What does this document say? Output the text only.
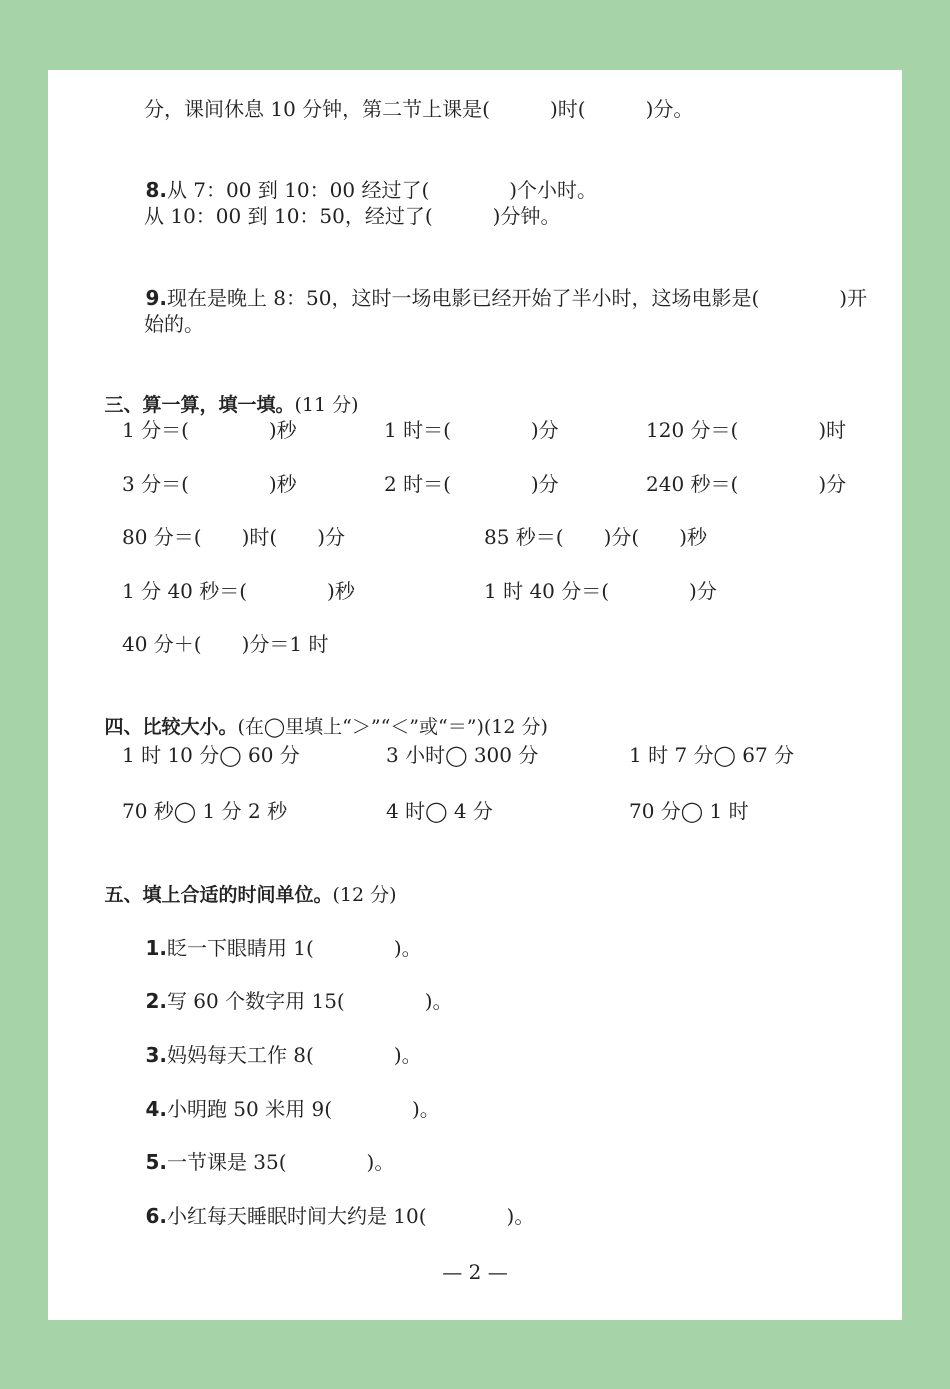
分，课间休息 10 分钟，第二节上课是(　　　)时(　　　)分。

8.从 7：00 到 10：00 经过了(　　　　)个小时。

从 10：00 到 10：50，经过了(　　　)分钟。

9.现在是晚上 8：50，这时一场电影已经开始了半小时，这场电影是(　　　　)开

始的。

三、算一算，填一填。(11 分)

1 分＝(　　　　)秒	1 时＝(　　　　)分	120 分＝(　　　　)时
3 分＝(　　　　)秒	2 时＝(　　　　)分	240 秒＝(　　　　)分
80 分＝(　　)时(　　)分	85 秒＝(　　)分(　　)秒
1 分 40 秒＝(　　　　)秒	1 时 40 分＝(　　　　)分
40 分＋(　　)分＝1 时

四、比较大小。(在◯里填上“＞”“＜”或“＝”)(12 分)

1 时 10 分◯ 60 分	3 小时◯ 300 分	1 时 7 分◯ 67 分
70 秒◯ 1 分 2 秒	4 时◯ 4 分	70 分◯ 1 时

五、填上合适的时间单位。(12 分)

1.眨一下眼睛用 1(　　　　)。

2.写 60 个数字用 15(　　　　)。

3.妈妈每天工作 8(　　　　)。

4.小明跑 50 米用 9(　　　　)。

5.一节课是 35(　　　　)。

6.小红每天睡眠时间大约是 10(　　　　)。

— 2 —
